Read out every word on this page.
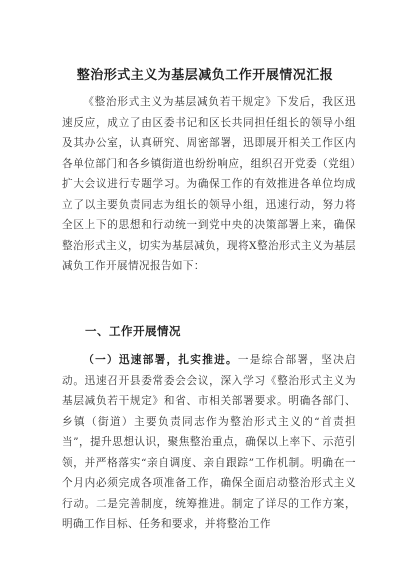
整治形式主义为基层减负工作开展情况汇报
《整治形式主义为基层减负若干规定》下发后，我区迅速反应，成立了由区委书记和区长共同担任组长的领导小组及其办公室，认真研究、周密部署，迅即展开相关工作区内各单位部门和各乡镇街道也纷纷响应，组织召开党委（党组）扩大会议进行专题学习。为确保工作的有效推进各单位均成立了以主要负责同志为组长的领导小组，迅速行动，努力将全区上下的思想和行动统一到党中央的决策部署上来，确保整治形式主义，切实为基层减负，现将X整治形式主义为基层减负工作开展情况报告如下：
一、工作开展情况
（一）迅速部署，扎实推进。一是综合部署，坚决启动。迅速召开县委常委会会议，深入学习《整治形式主义为基层减负若干规定》和省、市相关部署要求。明确各部门、乡镇（街道）主要负责同志作为整治形式主义的“首责担当”，提升思想认识，聚焦整治重点，确保以上率下、示范引领，并严格落实“亲自调度、亲自跟踪”工作机制。明确在一个月内必须完成各项准备工作，确保全面启动整治形式主义行动。二是完善制度，统筹推进。制定了详尽的工作方案，明确工作目标、任务和要求，并将整治工作
